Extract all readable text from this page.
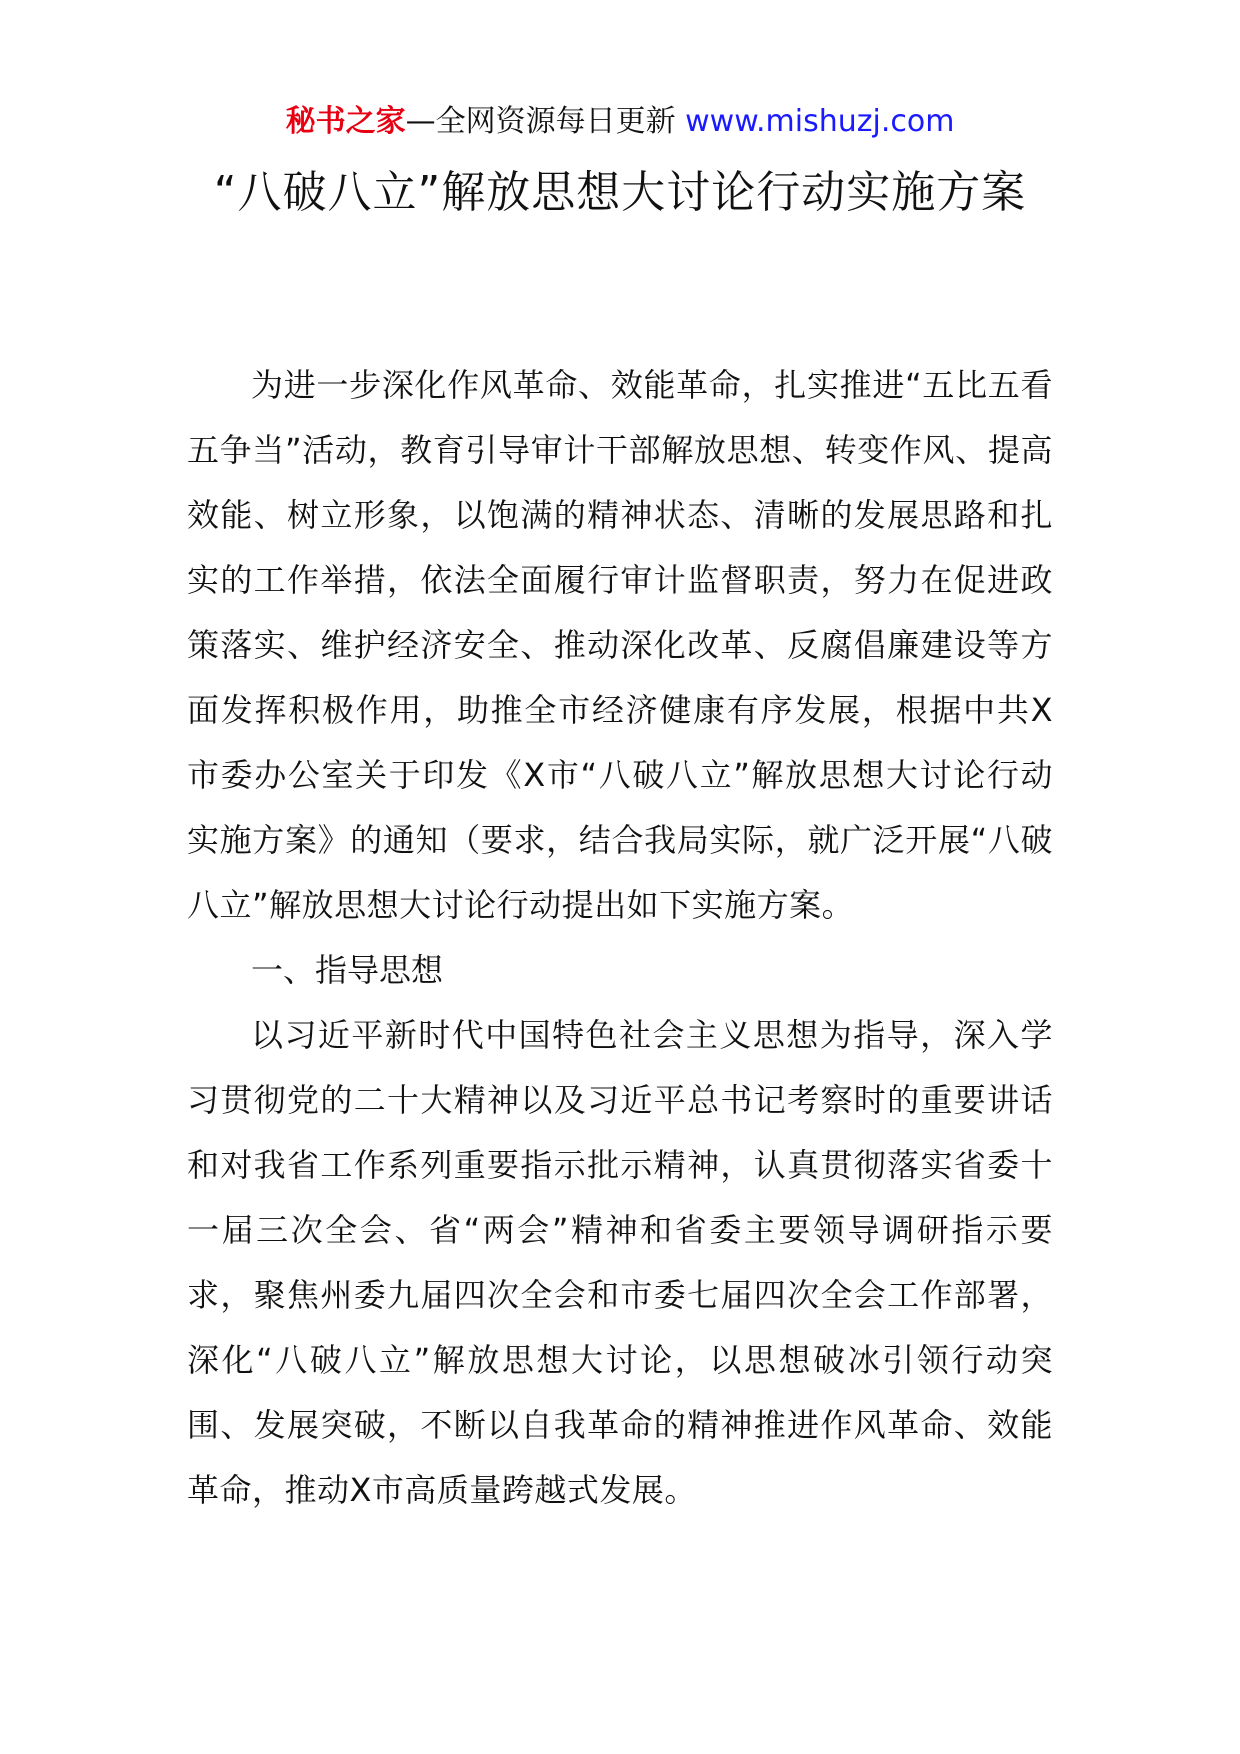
秘书之家—全网资源每日更新 www.mishuzj.com
“八破八立”解放思想大讨论行动实施方案

为进一步深化作风革命、效能革命，扎实推进“五比五看五争当”活动，教育引导审计干部解放思想、转变作风、提高效能、树立形象，以饱满的精神状态、清晰的发展思路和扎实的工作举措，依法全面履行审计监督职责，努力在促进政策落实、维护经济安全、推动深化改革、反腐倡廉建设等方面发挥积极作用，助推全市经济健康有序发展，根据中共X市委办公室关于印发《X市“八破八立”解放思想大讨论行动实施方案》的通知（要求，结合我局实际，就广泛开展“八破八立”解放思想大讨论行动提出如下实施方案。

一、指导思想

以习近平新时代中国特色社会主义思想为指导，深入学习贯彻党的二十大精神以及习近平总书记考察时的重要讲话和对我省工作系列重要指示批示精神，认真贯彻落实省委十一届三次全会、省“两会”精神和省委主要领导调研指示要求，聚焦州委九届四次全会和市委七届四次全会工作部署，深化“八破八立”解放思想大讨论，以思想破冰引领行动突围、发展突破，不断以自我革命的精神推进作风革命、效能革命，推动X市高质量跨越式发展。
